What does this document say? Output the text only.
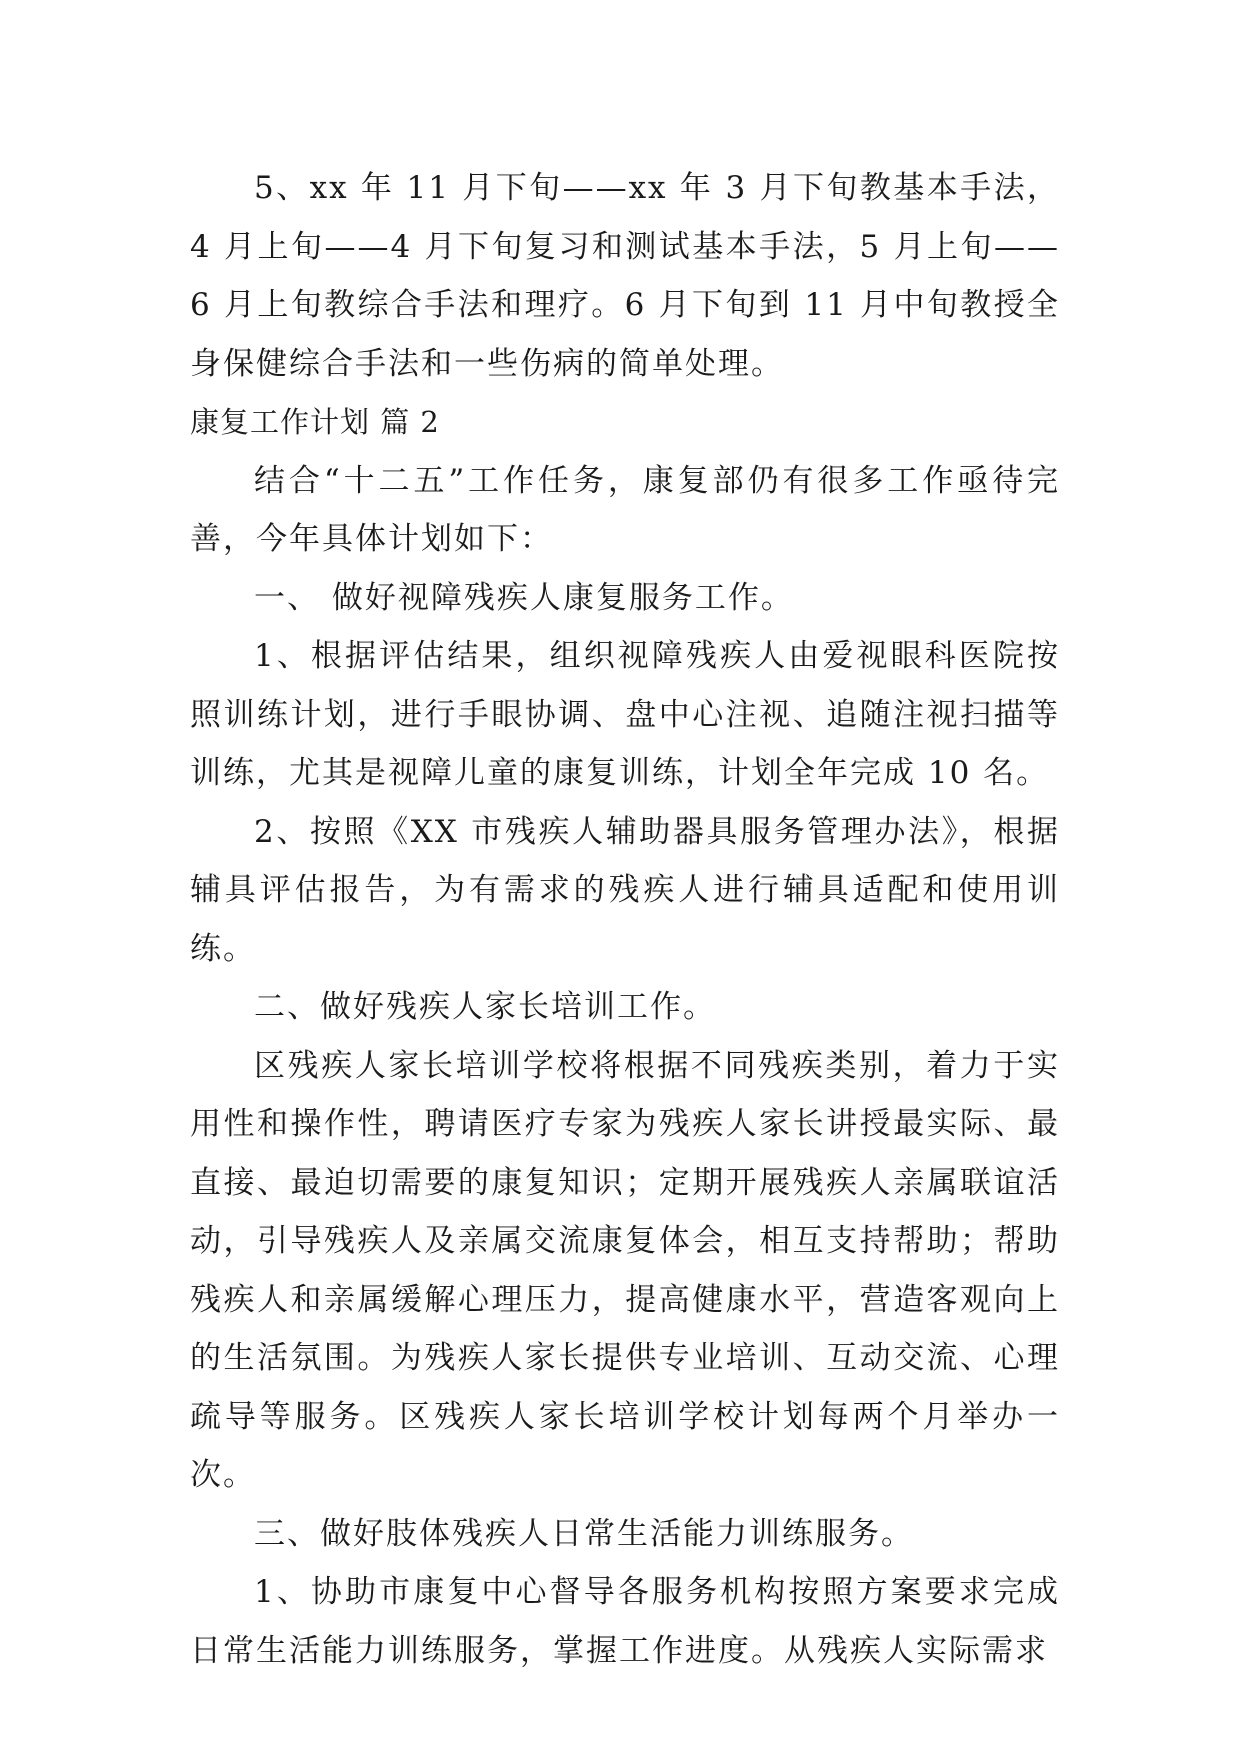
5、xx 年 11 月下旬——xx 年 3 月下旬教基本手法，4 月上旬——4 月下旬复习和测试基本手法，5 月上旬——6 月上旬教综合手法和理疗。6 月下旬到 11 月中旬教授全身保健综合手法和一些伤病的简单处理。

康复工作计划 篇 2

结合“十二五”工作任务，康复部仍有很多工作亟待完善，今年具体计划如下：

一、 做好视障残疾人康复服务工作。

1、根据评估结果，组织视障残疾人由爱视眼科医院按照训练计划，进行手眼协调、盘中心注视、追随注视扫描等训练，尤其是视障儿童的康复训练，计划全年完成 10 名。

2、按照《XX 市残疾人辅助器具服务管理办法》，根据辅具评估报告，为有需求的残疾人进行辅具适配和使用训练。

二、做好残疾人家长培训工作。

区残疾人家长培训学校将根据不同残疾类别，着力于实用性和操作性，聘请医疗专家为残疾人家长讲授最实际、最直接、最迫切需要的康复知识；定期开展残疾人亲属联谊活动，引导残疾人及亲属交流康复体会，相互支持帮助；帮助残疾人和亲属缓解心理压力，提高健康水平，营造客观向上的生活氛围。为残疾人家长提供专业培训、互动交流、心理疏导等服务。区残疾人家长培训学校计划每两个月举办一次。

三、做好肢体残疾人日常生活能力训练服务。

1、协助市康复中心督导各服务机构按照方案要求完成日常生活能力训练服务，掌握工作进度。从残疾人实际需求
